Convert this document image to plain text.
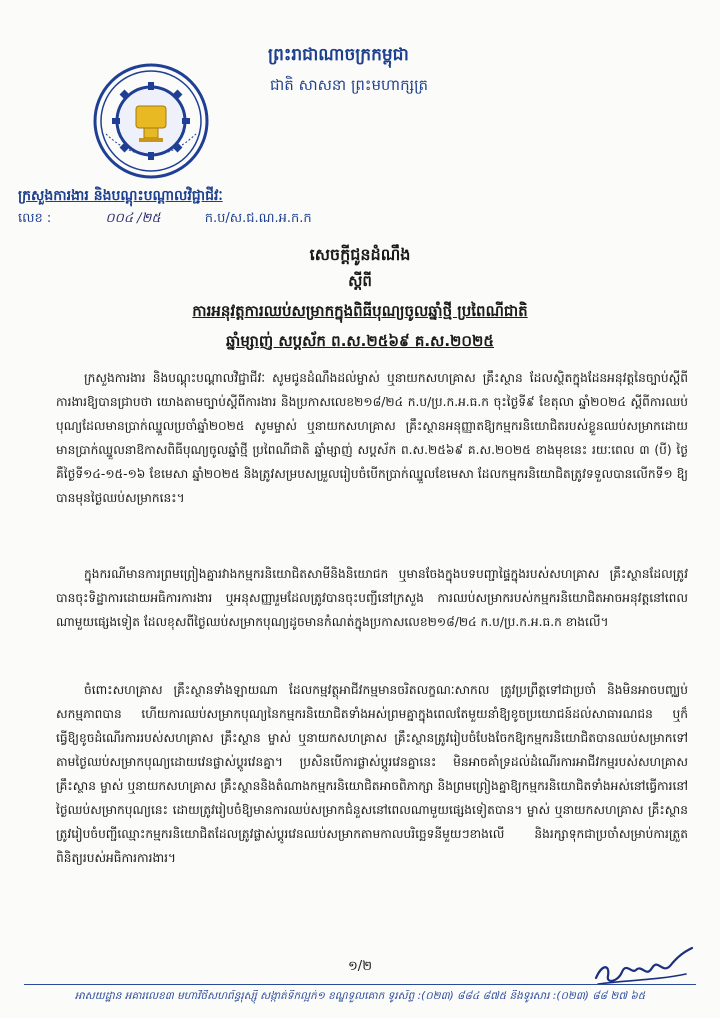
ព្រះរាជាណាចក្រកម្ពុជា
ជាតិ សាសនា ព្រះមហាក្សត្រ
ក្រសួងការងារ និងបណ្តុះបណ្តាលវិជ្ជាជីវៈ
លេខ :	០០៤ /២៥	ក.ប/ស.ជ.ណ.អ.ក.ក
សេចក្តីជូនដំណឹង
ស្តីពី
ការអនុវត្តការឈប់សម្រាកក្នុងពិធីបុណ្យចូលឆ្នាំថ្មី ប្រពៃណីជាតិ
ឆ្នាំម្សាញ់ សប្តស័ក ព.ស.២៥៦៩ គ.ស.២០២៥
ក្រសួងការងារ និងបណ្តុះបណ្តាលវិជ្ជាជីវៈ សូមជូនដំណឹងដល់ម្ចាស់ ឬនាយកសហគ្រាស គ្រឹះស្ថាន ដែលស្ថិតក្នុងដែនអនុវត្តនៃច្បាប់ស្តីពីការងារឱ្យបានជ្រាបថា យោងតាមច្បាប់ស្តីពីការងារ និងប្រកាសលេខ២១៨/២៤ ក.ប/ប្រ.ក.អ.ធ.ក ចុះថ្ងៃទី៩ ខែតុលា ឆ្នាំ២០២៤ ស្តីពីការឈប់បុណ្យដែលមានប្រាក់ឈ្នួលប្រចាំឆ្នាំ២០២៥ សូមម្ចាស់ ឬនាយកសហគ្រាស គ្រឹះស្ថានអនុញ្ញាតឱ្យកម្មករនិយោជិតរបស់ខ្លួនឈប់សម្រាកដោយមានប្រាក់ឈ្នួលនាឱកាសពិធីបុណ្យចូលឆ្នាំថ្មី ប្រពៃណីជាតិ ឆ្នាំម្សាញ់ សប្តស័ក ព.ស.២៥៦៩ គ.ស.២០២៥ ខាងមុខនេះ រយៈពេល ៣ (បី) ថ្ងៃ គឺថ្ងៃទី១៤-១៥-១៦ ខែមេសា ឆ្នាំ២០២៥ និងត្រូវសម្របសម្រួលរៀបចំបើកប្រាក់ឈ្នួលខែមេសា ដែលកម្មករនិយោជិតត្រូវទទួលបានលើកទី១ ឱ្យបានមុនថ្ងៃឈប់សម្រាកនេះ។
ក្នុងករណីមានការព្រមព្រៀងគ្នារវាងកម្មករនិយោជិតសាមីនិងនិយោជក ឬមានចែងក្នុងបទបញ្ជាផ្ទៃក្នុងរបស់សហគ្រាស គ្រឹះស្ថានដែលត្រូវបានចុះទិដ្ឋាការដោយអធិការការងារ ឬអនុសញ្ញារួមដែលត្រូវបានចុះបញ្ជីនៅក្រសួង ការឈប់សម្រាករបស់កម្មករនិយោជិតអាចអនុវត្តនៅពេលណាមួយផ្សេងទៀត ដែលខុសពីថ្ងៃឈប់សម្រាកបុណ្យដូចមានកំណត់ក្នុងប្រកាសលេខ២១៨/២៤ ក.ប/ប្រ.ក.អ.ធ.ក ខាងលើ។
ចំពោះសហគ្រាស គ្រឹះស្ថានទាំងឡាយណា ដែលកម្មវត្ថុអាជីវកម្មមានចរិតលក្ខណៈសាកល ត្រូវប្រព្រឹត្តទៅជាប្រចាំ និងមិនអាចបញ្ឈប់សកម្មភាពបាន ហើយការឈប់សម្រាកបុណ្យនៃកម្មករនិយោជិតទាំងអស់ព្រមគ្នាក្នុងពេលតែមួយនាំឱ្យខូចប្រយោជន៍ដល់សាធារណជន ឬក៏ធ្វើឱ្យខូចដំណើរការរបស់សហគ្រាស គ្រឹះស្ថាន ម្ចាស់ ឬនាយកសហគ្រាស គ្រឹះស្ថានត្រូវរៀបចំបែងចែកឱ្យកម្មករនិយោជិតបានឈប់សម្រាកទៅតាមថ្ងៃឈប់សម្រាកបុណ្យដោយវេនផ្លាស់ប្តូរវេនគ្នា។ ប្រសិនបើការផ្លាស់ប្តូរវេនគ្នានេះ មិនអាចគាំទ្រដល់ដំណើរការអាជីវកម្មរបស់សហគ្រាស គ្រឹះស្ថាន ម្ចាស់ ឬនាយកសហគ្រាស គ្រឹះស្ថាននិងតំណាងកម្មករនិយោជិតអាចពិភាក្សា និងព្រមព្រៀងគ្នាឱ្យកម្មករនិយោជិតទាំងអស់នៅធ្វើការនៅថ្ងៃឈប់សម្រាកបុណ្យនេះ ដោយត្រូវរៀបចំឱ្យមានការឈប់សម្រាកជំនួសនៅពេលណាមួយផ្សេងទៀតបាន។ ម្ចាស់ ឬនាយកសហគ្រាស គ្រឹះស្ថាន ត្រូវរៀបចំបញ្ជីឈ្មោះកម្មករនិយោជិតដែលត្រូវផ្លាស់ប្តូរវេនឈប់សម្រាកតាមកាលបរិច្ឆេទនីមួយៗខាងលើ និងរក្សាទុកជាប្រចាំសម្រាប់ការត្រួតពិនិត្យរបស់អធិការការងារ។
១/២
អាសយដ្ឋាន អគារលេខ៣ មហាវិថីសហព័ន្ធរុស្ស៊ី សង្កាត់ទឹកល្អក់១ ខណ្ឌទួលគោក ទូរស័ព្ទ :(០២៣) ៨៨៤ ៨៧៥ និងទូរសារ :(០២៣) ៨៨ ២៧ ៦៥
